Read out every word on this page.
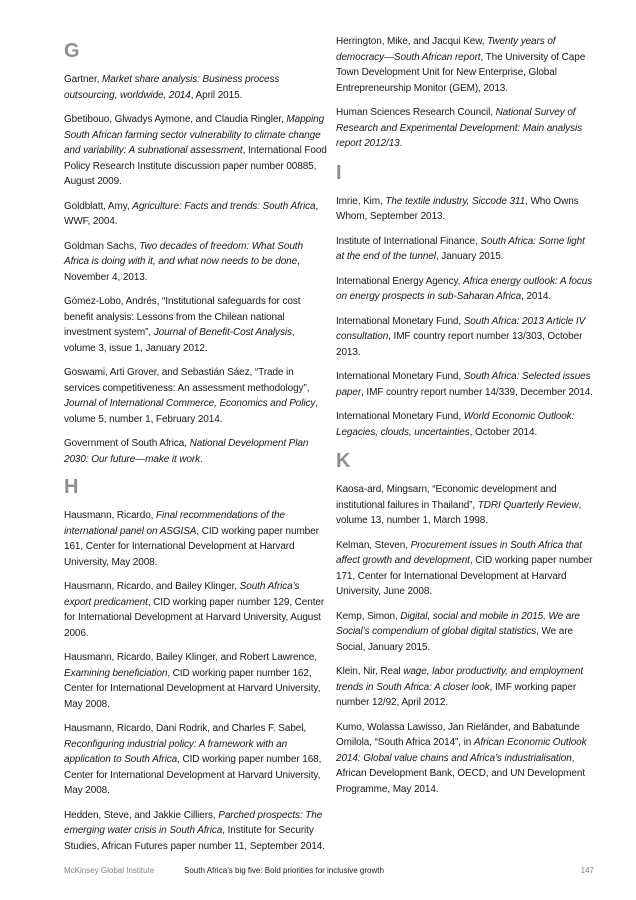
G

Gartner, Market share analysis: Business process outsourcing, worldwide, 2014, April 2015.

Gbetibouo, Glwadys Aymone, and Claudia Ringler, Mapping South African farming sector vulnerability to climate change and variability: A subnational assessment, International Food Policy Research Institute discussion paper number 00885, August 2009.

Goldblatt, Amy, Agriculture: Facts and trends: South Africa, WWF, 2004.

Goldman Sachs, Two decades of freedom: What South Africa is doing with it, and what now needs to be done, November 4, 2013.

Gómez-Lobo, Andrés, “Institutional safeguards for cost benefit analysis: Lessons from the Chilean national investment system”, Journal of Benefit-Cost Analysis, volume 3, issue 1, January 2012.

Goswami, Arti Grover, and Sebastián Sáez, “Trade in services competitiveness: An assessment methodology”, Journal of International Commerce, Economics and Policy, volume 5, number 1, February 2014.

Government of South Africa, National Development Plan 2030: Our future—make it work.

H

Hausmann, Ricardo, Final recommendations of the international panel on ASGISA, CID working paper number 161, Center for International Development at Harvard University, May 2008.

Hausmann, Ricardo, and Bailey Klinger, South Africa’s export predicament, CID working paper number 129, Center for International Development at Harvard University, August 2006.

Hausmann, Ricardo, Bailey Klinger, and Robert Lawrence, Examining beneficiation, CID working paper number 162, Center for International Development at Harvard University, May 2008.

Hausmann, Ricardo, Dani Rodrik, and Charles F. Sabel, Reconfiguring industrial policy: A framework with an application to South Africa, CID working paper number 168, Center for International Development at Harvard University, May 2008.

Hedden, Steve, and Jakkie Cilliers, Parched prospects: The emerging water crisis in South Africa, Institute for Security Studies, African Futures paper number 11, September 2014.

Herrington, Mike, and Jacqui Kew, Twenty years of democracy—South African report, The University of Cape Town Development Unit for New Enterprise, Global Entrepreneurship Monitor (GEM), 2013.

Human Sciences Research Council, National Survey of Research and Experimental Development: Main analysis report 2012/13.

I

Imrie, Kim, The textile industry, Siccode 311, Who Owns Whom, September 2013.

Institute of International Finance, South Africa: Some light at the end of the tunnel, January 2015.

International Energy Agency, Africa energy outlook: A focus on energy prospects in sub-Saharan Africa, 2014.

International Monetary Fund, South Africa: 2013 Article IV consultation, IMF country report number 13/303, October 2013.

International Monetary Fund, South Africa: Selected issues paper, IMF country report number 14/339, December 2014.

International Monetary Fund, World Economic Outlook: Legacies, clouds, uncertainties, October 2014.

K

Kaosa-ard, Mingsarn, “Economic development and institutional failures in Thailand”, TDRI Quarterly Review, volume 13, number 1, March 1998.

Kelman, Steven, Procurement issues in South Africa that affect growth and development, CID working paper number 171, Center for International Development at Harvard University, June 2008.

Kemp, Simon, Digital, social and mobile in 2015, We are Social’s compendium of global digital statistics, We are Social, January 2015.

Klein, Nir, Real wage, labor productivity, and employment trends in South Africa: A closer look, IMF working paper number 12/92, April 2012.

Kumo, Wolassa Lawisso, Jan Rieländer, and Babatunde Omilola, “South Africa 2014”, in African Economic Outlook 2014: Global value chains and Africa’s industrialisation, African Development Bank, OECD, and UN Development Programme, May 2014.

McKinsey Global Institute	South Africa’s big five: Bold priorities for inclusive growth	147
